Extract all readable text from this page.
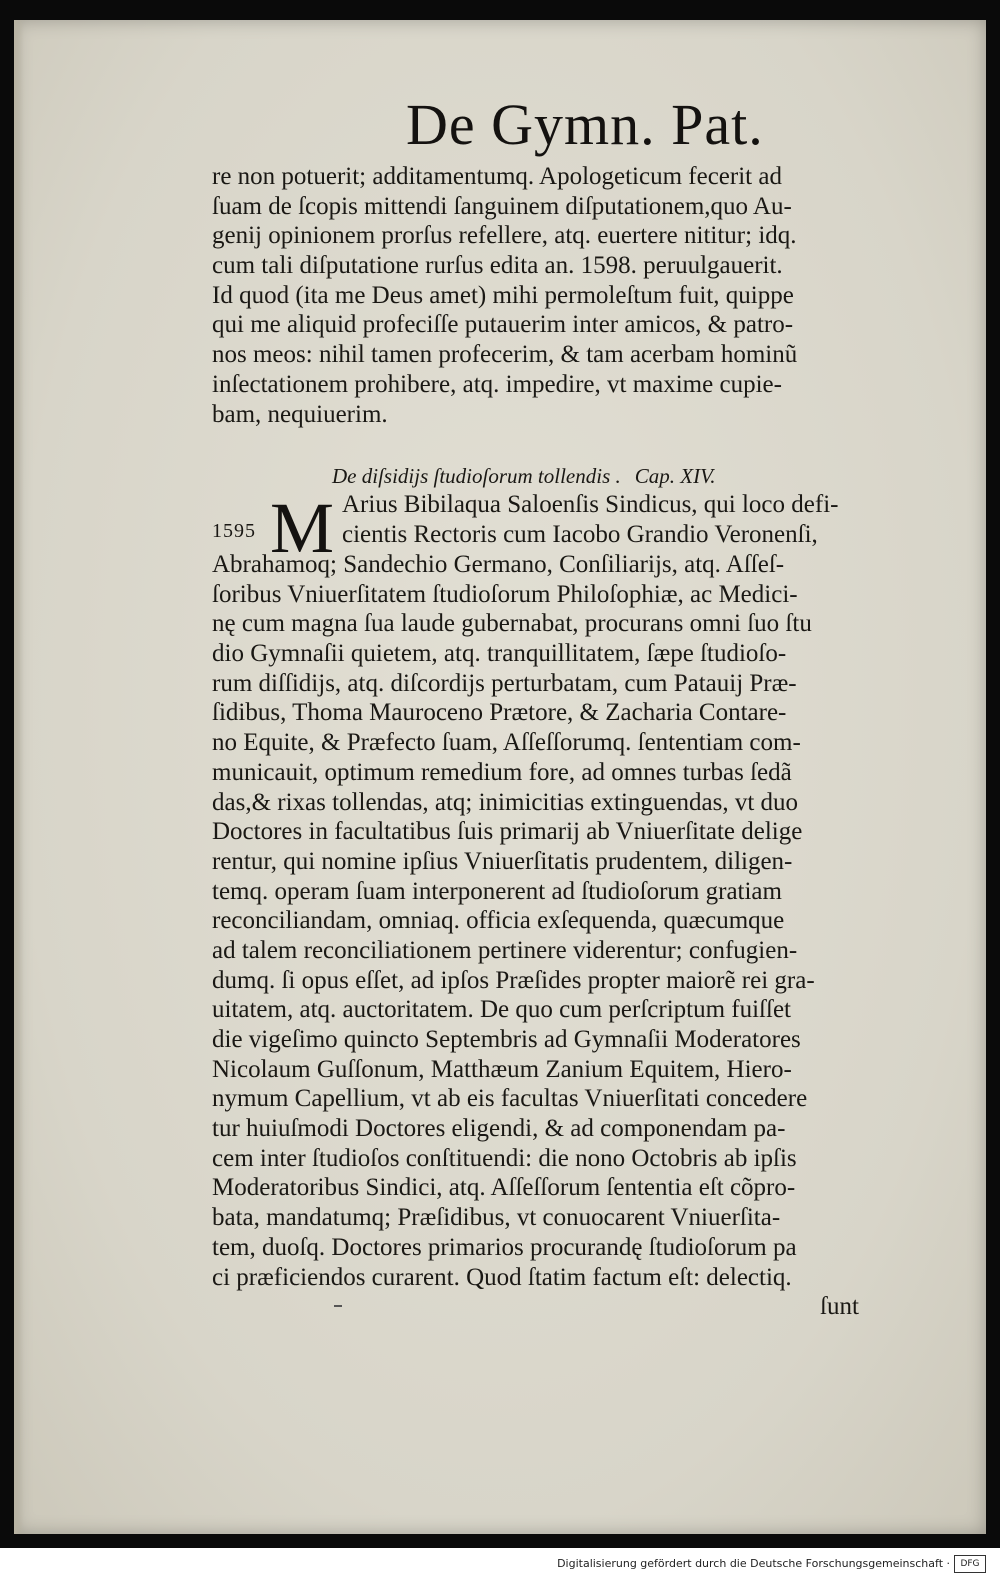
De Gymn. Pat.
re non potuerit; additamentumq. Apologeticum fecerit ad
ſuam de ſcopis mittendi ſanguinem diſputationem,quo Au-
genij opinionem prorſus refellere, atq. euertere nititur; idq.
cum tali diſputatione rurſus edita an. 1598. peruulgauerit.
Id quod (ita me Deus amet) mihi permoleſtum fuit, quippe
qui me aliquid profeciſſe putauerim inter amicos, & patro-
nos meos: nihil tamen profecerim, & tam acerbam hominũ
inſectationem prohibere, atq. impedire, vt maxime cupie-
bam, nequiuerim.
De diſsidijs ſtudioſorum tollendis . Cap. XIV.
1595 M Arius Bibilaqua Saloenſis Sindicus, qui loco defi-
cientis Rectoris cum Iacobo Grandio Veronenſi,
Abrahamoq; Sandechio Germano, Conſiliarijs, atq. Aſſeſ-
ſoribus Vniuerſitatem ſtudioſorum Philoſophiæ, ac Medici-
nę cum magna ſua laude gubernabat, procurans omni ſuo ſtu
dio Gymnaſii quietem, atq. tranquillitatem, ſæpe ſtudioſo-
rum diſſidijs, atq. diſcordijs perturbatam, cum Patauij Præ-
ſidibus, Thoma Mauroceno Prætore, & Zacharia Contare-
no Equite, & Præfecto ſuam, Aſſeſſorumq. ſententiam com-
municauit, optimum remedium fore, ad omnes turbas ſedã
das,& rixas tollendas, atq; inimicitias extinguendas, vt duo
Doctores in facultatibus ſuis primarij ab Vniuerſitate delige
rentur, qui nomine ipſius Vniuerſitatis prudentem, diligen-
temq. operam ſuam interponerent ad ſtudioſorum gratiam
reconciliandam, omniaq. officia exſequenda, quæcumque
ad talem reconciliationem pertinere viderentur; confugien-
dumq. ſi opus eſſet, ad ipſos Præſides propter maiorẽ rei gra-
uitatem, atq. auctoritatem. De quo cum perſcriptum fuiſſet
die vigeſimo quincto Septembris ad Gymnaſii Moderatores
Nicolaum Guſſonum, Matthæum Zanium Equitem, Hiero-
nymum Capellium, vt ab eis facultas Vniuerſitati concedere
tur huiuſmodi Doctores eligendi, & ad componendam pa-
cem inter ſtudioſos conſtituendi: die nono Octobris ab ipſis
Moderatoribus Sindici, atq. Aſſeſſorum ſententia eſt cõpro-
bata, mandatumq; Præſidibus, vt conuocarent Vniuerſita-
tem, duoſq. Doctores primarios procurandę ſtudioſorum pa
ci præficiendos curarent. Quod ſtatim factum eſt: delectiq.
ſunt
Digitalisierung gefördert durch die Deutsche Forschungsgemeinschaft ·	DFG
